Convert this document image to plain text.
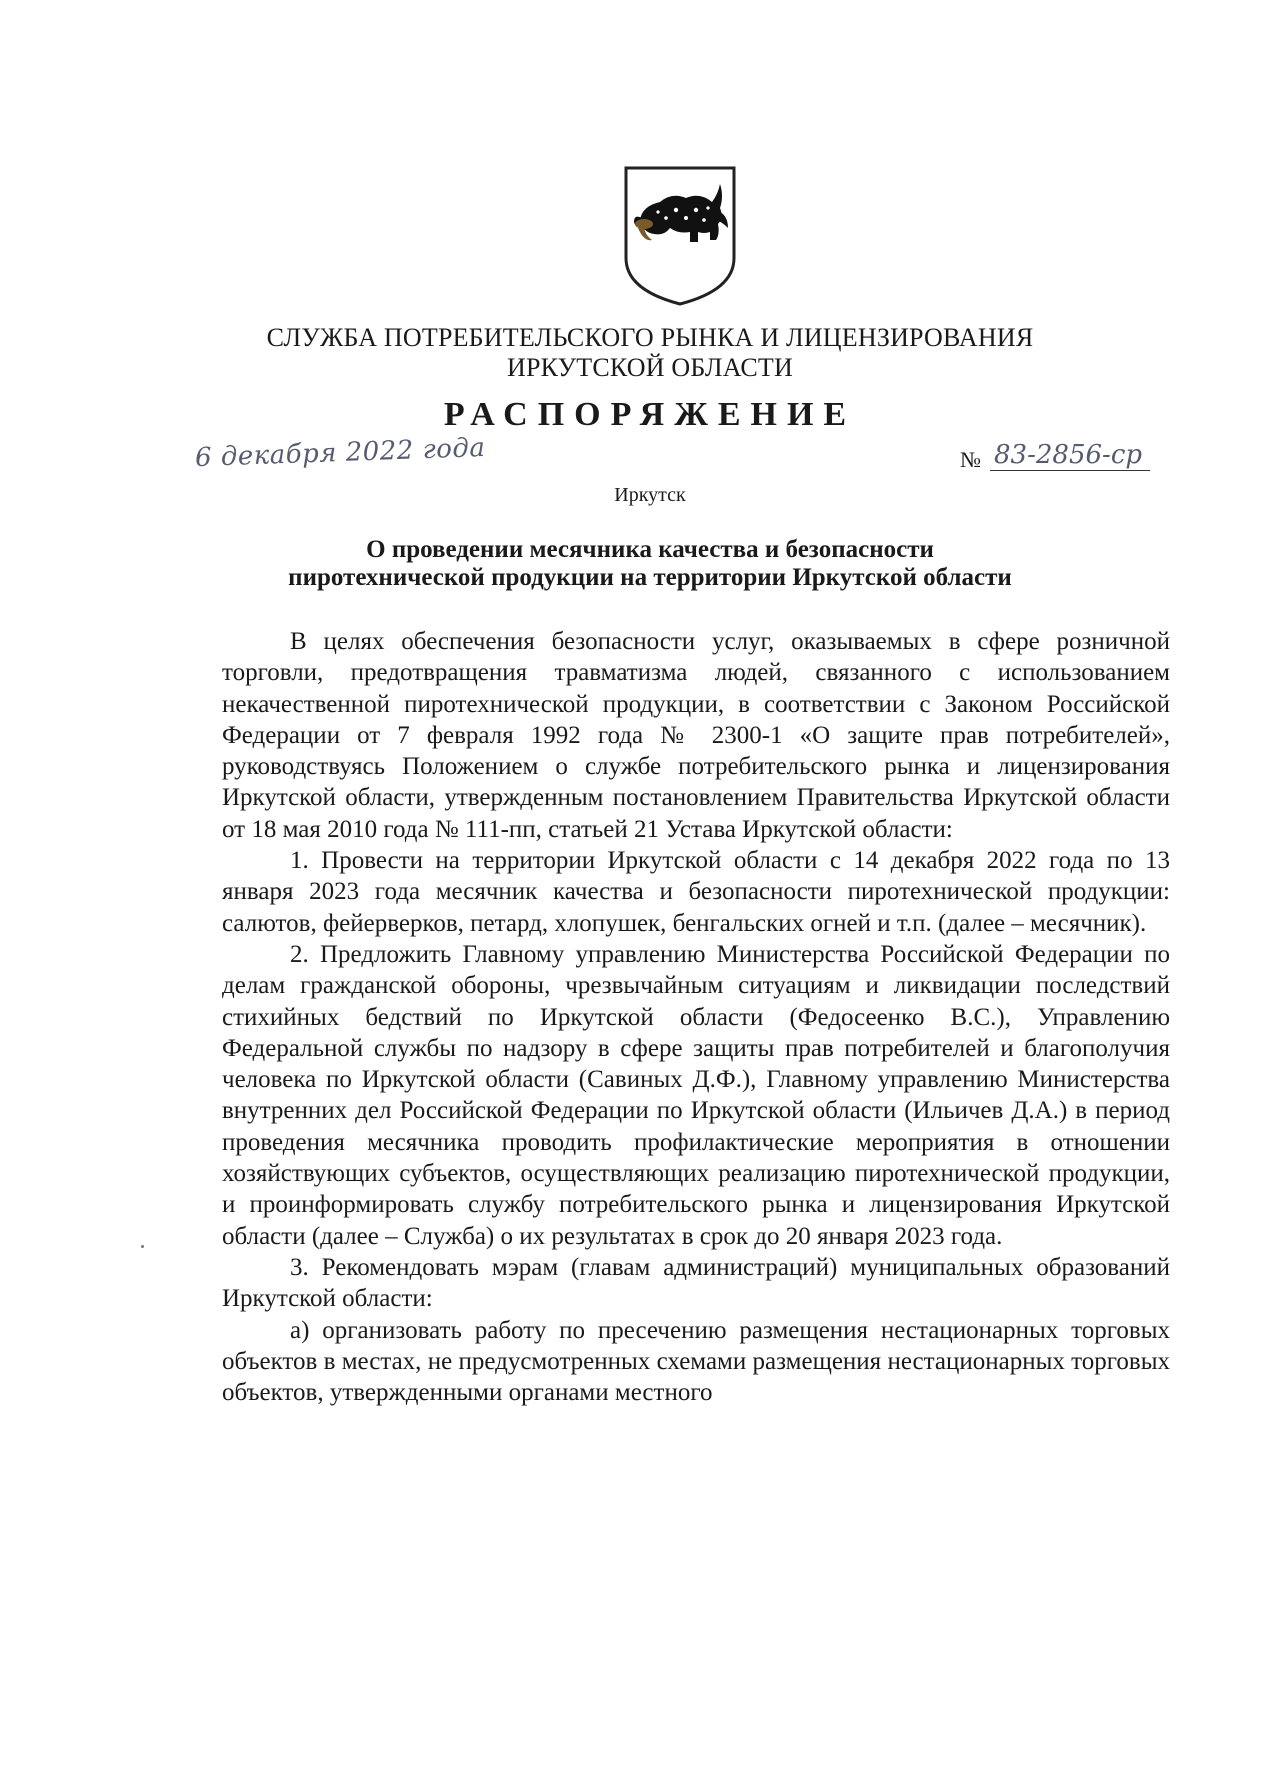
СЛУЖБА ПОТРЕБИТЕЛЬСКОГО РЫНКА И ЛИЦЕНЗИРОВАНИЯ
ИРКУТСКОЙ ОБЛАСТИ
РАСПОРЯЖЕНИЕ
6 декабря 2022 года	№ 83-2856-ср
Иркутск
О проведении месячника качества и безопасности
пиротехнической продукции на территории Иркутской области

В целях обеспечения безопасности услуг, оказываемых в сфере розничной торговли, предотвращения травматизма людей, связанного с использованием некачественной пиротехнической продукции, в соответствии с Законом Российской Федерации от 7 февраля 1992 года № 2300-1 «О защите прав потребителей», руководствуясь Положением о службе потребительского рынка и лицензирования Иркутской области, утвержденным постановлением Правительства Иркутской области от 18 мая 2010 года № 111-пп, статьей 21 Устава Иркутской области:

1. Провести на территории Иркутской области с 14 декабря 2022 года по 13 января 2023 года месячник качества и безопасности пиротехнической продукции: салютов, фейерверков, петард, хлопушек, бенгальских огней и т.п. (далее – месячник).

2. Предложить Главному управлению Министерства Российской Федерации по делам гражданской обороны, чрезвычайным ситуациям и ликвидации последствий стихийных бедствий по Иркутской области (Федосеенко В.С.), Управлению Федеральной службы по надзору в сфере защиты прав потребителей и благополучия человека по Иркутской области (Савиных Д.Ф.), Главному управлению Министерства внутренних дел Российской Федерации по Иркутской области (Ильичев Д.А.) в период проведения месячника проводить профилактические мероприятия в отношении хозяйствующих субъектов, осуществляющих реализацию пиротехнической продукции, и проинформировать службу потребительского рынка и лицензирования Иркутской области (далее – Служба) о их результатах в срок до 20 января 2023 года.

3. Рекомендовать мэрам (главам администраций) муниципальных образований Иркутской области:

а) организовать работу по пресечению размещения нестационарных торговых объектов в местах, не предусмотренных схемами размещения нестационарных торговых объектов, утвержденными органами местного
